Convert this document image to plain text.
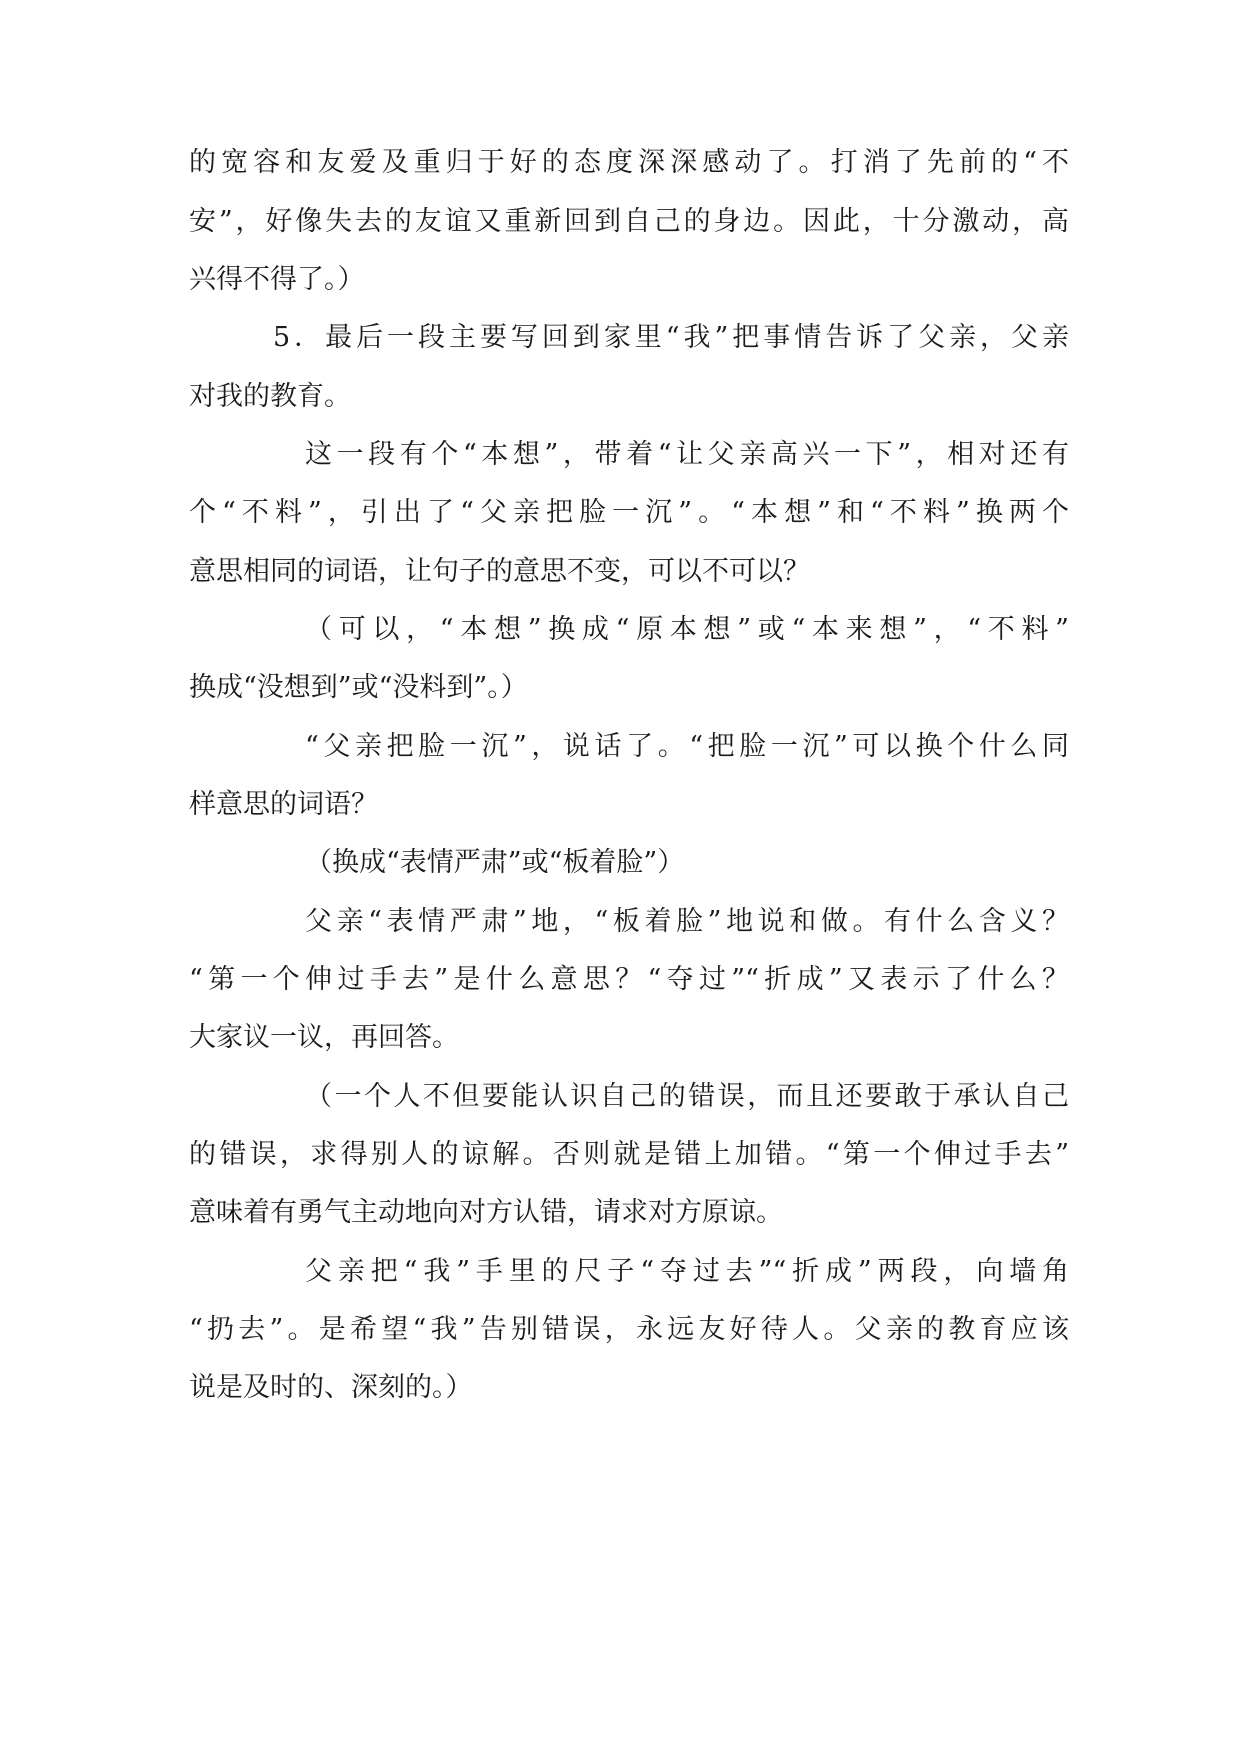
的宽容和友爱及重归于好的态度深深感动了。打消了先前的“不
安”，好像失去的友谊又重新回到自己的身边。因此，十分激动，高
兴得不得了。）
5．最后一段主要写回到家里“我”把事情告诉了父亲，父亲
对我的教育。
这一段有个“本想”，带着“让父亲高兴一下”，相对还有
个“不料”，引出了“父亲把脸一沉”。“本想”和“不料”换两个
意思相同的词语，让句子的意思不变，可以不可以？
（可以，“本想”换成“原本想”或“本来想”，“不料”
换成“没想到”或“没料到”。）
“父亲把脸一沉”，说话了。“把脸一沉”可以换个什么同
样意思的词语？
（换成“表情严肃”或“板着脸”）
父亲“表情严肃”地，“板着脸”地说和做。有什么含义？
“第一个伸过手去”是什么意思？“夺过”“折成”又表示了什么？
大家议一议，再回答。
（一个人不但要能认识自己的错误，而且还要敢于承认自己
的错误，求得别人的谅解。否则就是错上加错。“第一个伸过手去”
意味着有勇气主动地向对方认错，请求对方原谅。
父亲把“我”手里的尺子“夺过去”“折成”两段，向墙角
“扔去”。是希望“我”告别错误，永远友好待人。父亲的教育应该
说是及时的、深刻的。）
